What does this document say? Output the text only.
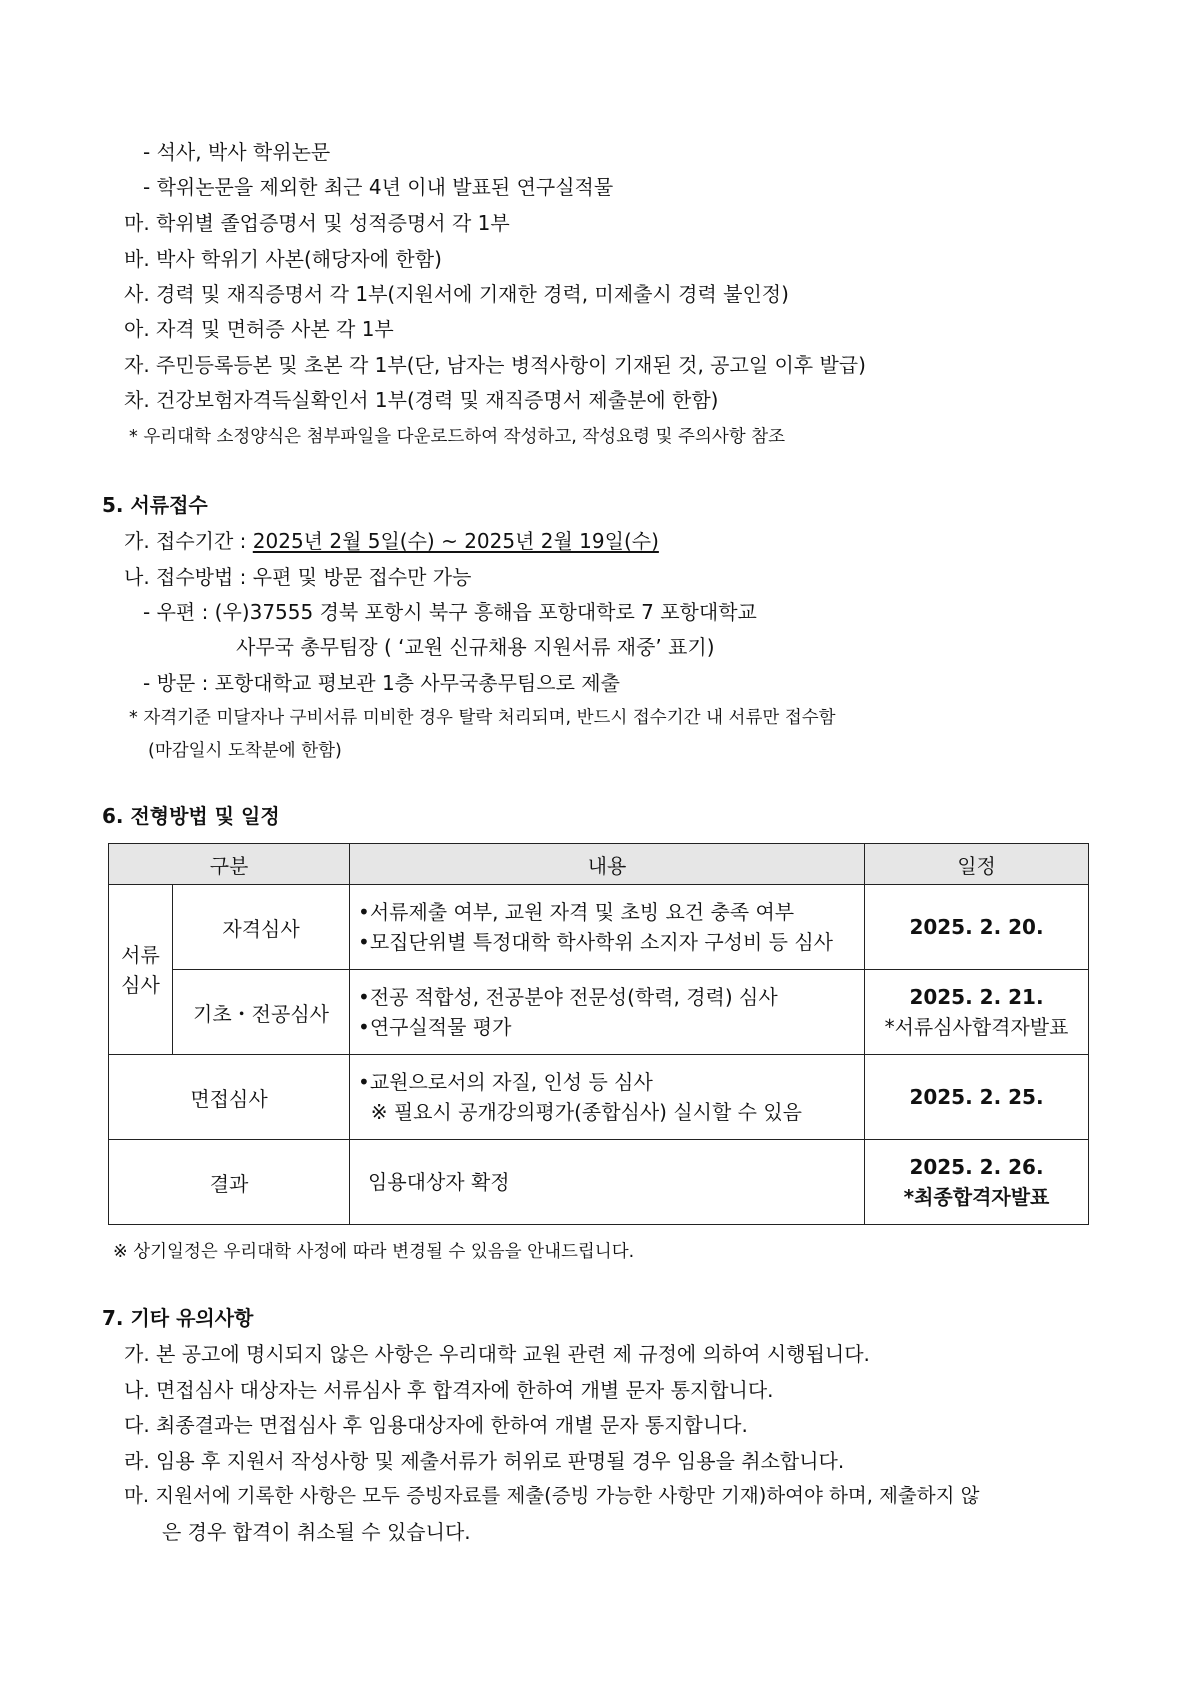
- 석사, 박사 학위논문
- 학위논문을 제외한 최근 4년 이내 발표된 연구실적물
마. 학위별 졸업증명서 및 성적증명서 각 1부
바. 박사 학위기 사본(해당자에 한함)
사. 경력 및 재직증명서 각 1부(지원서에 기재한 경력, 미제출시 경력 불인정)
아. 자격 및 면허증 사본 각 1부
자. 주민등록등본 및 초본 각 1부(단, 남자는 병적사항이 기재된 것, 공고일 이후 발급)
차. 건강보험자격득실확인서 1부(경력 및 재직증명서 제출분에 한함)
* 우리대학 소정양식은 첨부파일을 다운로드하여 작성하고, 작성요령 및 주의사항 참조
5. 서류접수
가. 접수기간 : 2025년 2월 5일(수) ~ 2025년 2월 19일(수)
나. 접수방법 : 우편 및 방문 접수만 가능
- 우편 : (우)37555 경북 포항시 북구 흥해읍 포항대학로 7 포항대학교
사무국 총무팀장 ( ‘교원 신규채용 지원서류 재중’ 표기)
- 방문 : 포항대학교 평보관 1층 사무국총무팀으로 제출
* 자격기준 미달자나 구비서류 미비한 경우 탈락 처리되며, 반드시 접수기간 내 서류만 접수함
(마감일시 도착분에 한함)
6. 전형방법 및 일정
구분		내용	일정

서류
심사	자격심사	•서류제출 여부, 교원 자격 및 초빙 요건 충족 여부
•모집단위별 특정대학 학사학위 소지자 구성비 등 심사	2025. 2. 20.

	기초・전공심사	•전공 적합성, 전공분야 전문성(학력, 경력) 심사
•연구실적물 평가	2025. 2. 21.
*서류심사합격자발표

면접심사		•교원으로서의 자질, 인성 등 심사
※ 필요시 공개강의평가(종합심사) 실시할 수 있음	2025. 2. 25.

결과		임용대상자 확정	2025. 2. 26.
*최종합격자발표
※ 상기일정은 우리대학 사정에 따라 변경될 수 있음을 안내드립니다.
7. 기타 유의사항
가. 본 공고에 명시되지 않은 사항은 우리대학 교원 관련 제 규정에 의하여 시행됩니다.
나. 면접심사 대상자는 서류심사 후 합격자에 한하여 개별 문자 통지합니다.
다. 최종결과는 면접심사 후 임용대상자에 한하여 개별 문자 통지합니다.
라. 임용 후 지원서 작성사항 및 제출서류가 허위로 판명될 경우 임용을 취소합니다.
마. 지원서에 기록한 사항은 모두 증빙자료를 제출(증빙 가능한 사항만 기재)하여야 하며, 제출하지 않
은 경우 합격이 취소될 수 있습니다.
